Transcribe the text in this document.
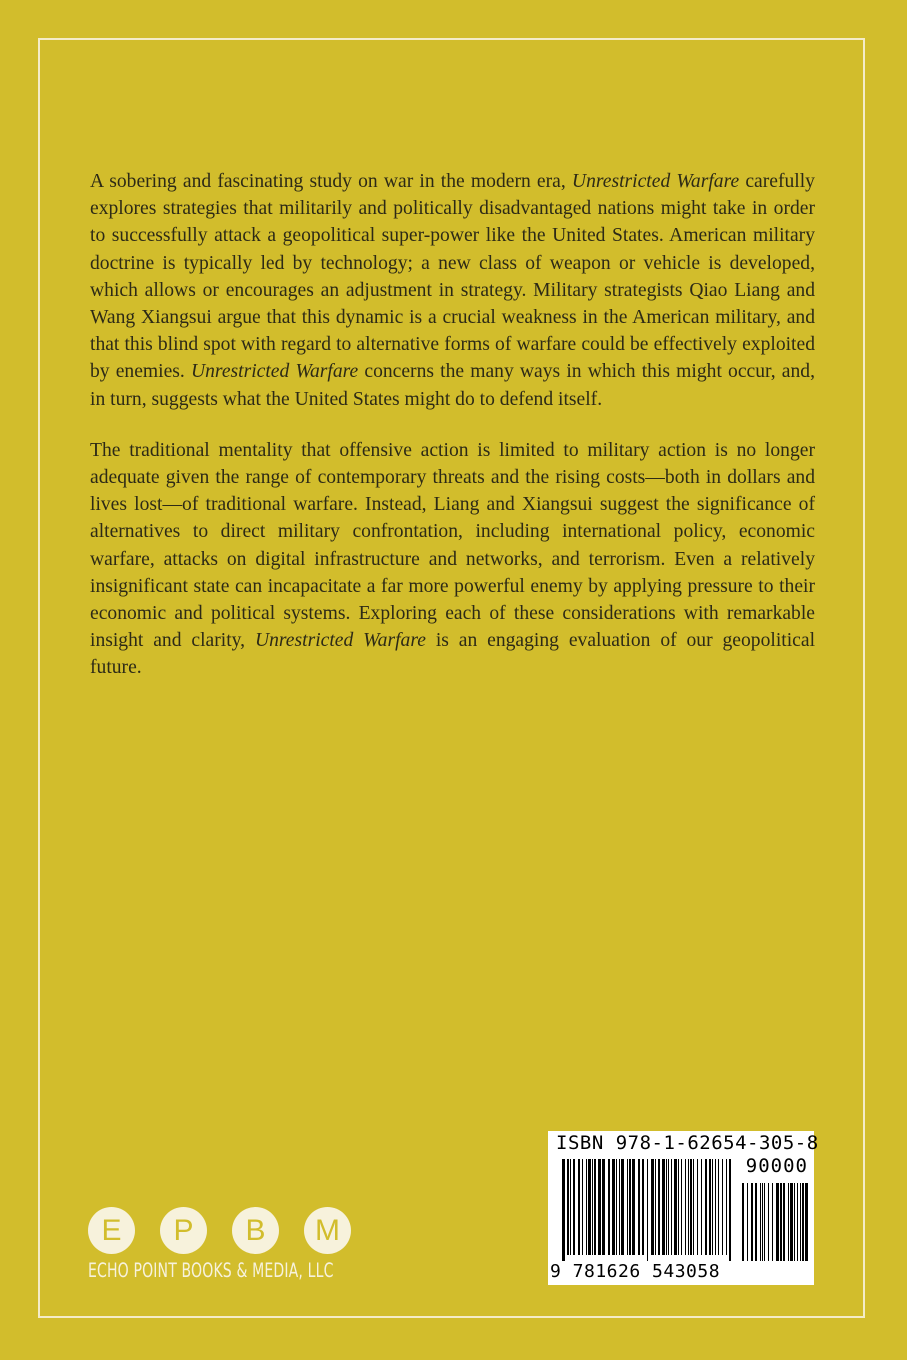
A sobering and fascinating study on war in the modern era, Unrestricted Warfare carefully explores strategies that militarily and politically disadvantaged nations might take in order to successfully attack a geopolitical super-power like the United States. American military doctrine is typically led by technology; a new class of weapon or vehicle is developed, which allows or encourages an adjustment in strategy. Military strategists Qiao Liang and Wang Xiangsui argue that this dynamic is a crucial weakness in the American military, and that this blind spot with regard to alternative forms of warfare could be effectively exploited by enemies. Unrestricted Warfare concerns the many ways in which this might occur, and, in turn, suggests what the United States might do to defend itself.

The traditional mentality that offensive action is limited to military action is no longer adequate given the range of contemporary threats and the rising costs—both in dollars and lives lost—of traditional warfare. Instead, Liang and Xiangsui suggest the significance of alternatives to direct military confrontation, including international policy, economic warfare, attacks on digital infrastructure and networks, and terrorism. Even a relatively insignificant state can incapacitate a far more powerful enemy by applying pressure to their economic and political systems. Exploring each of these considerations with remarkable insight and clarity, Unrestricted Warfare is an engaging evaluation of our geopolitical future.

E	P	B	M
ECHO POINT BOOKS & MEDIA, LLC
ISBN 978-1-62654-305-8
90000
9 781626 543058
